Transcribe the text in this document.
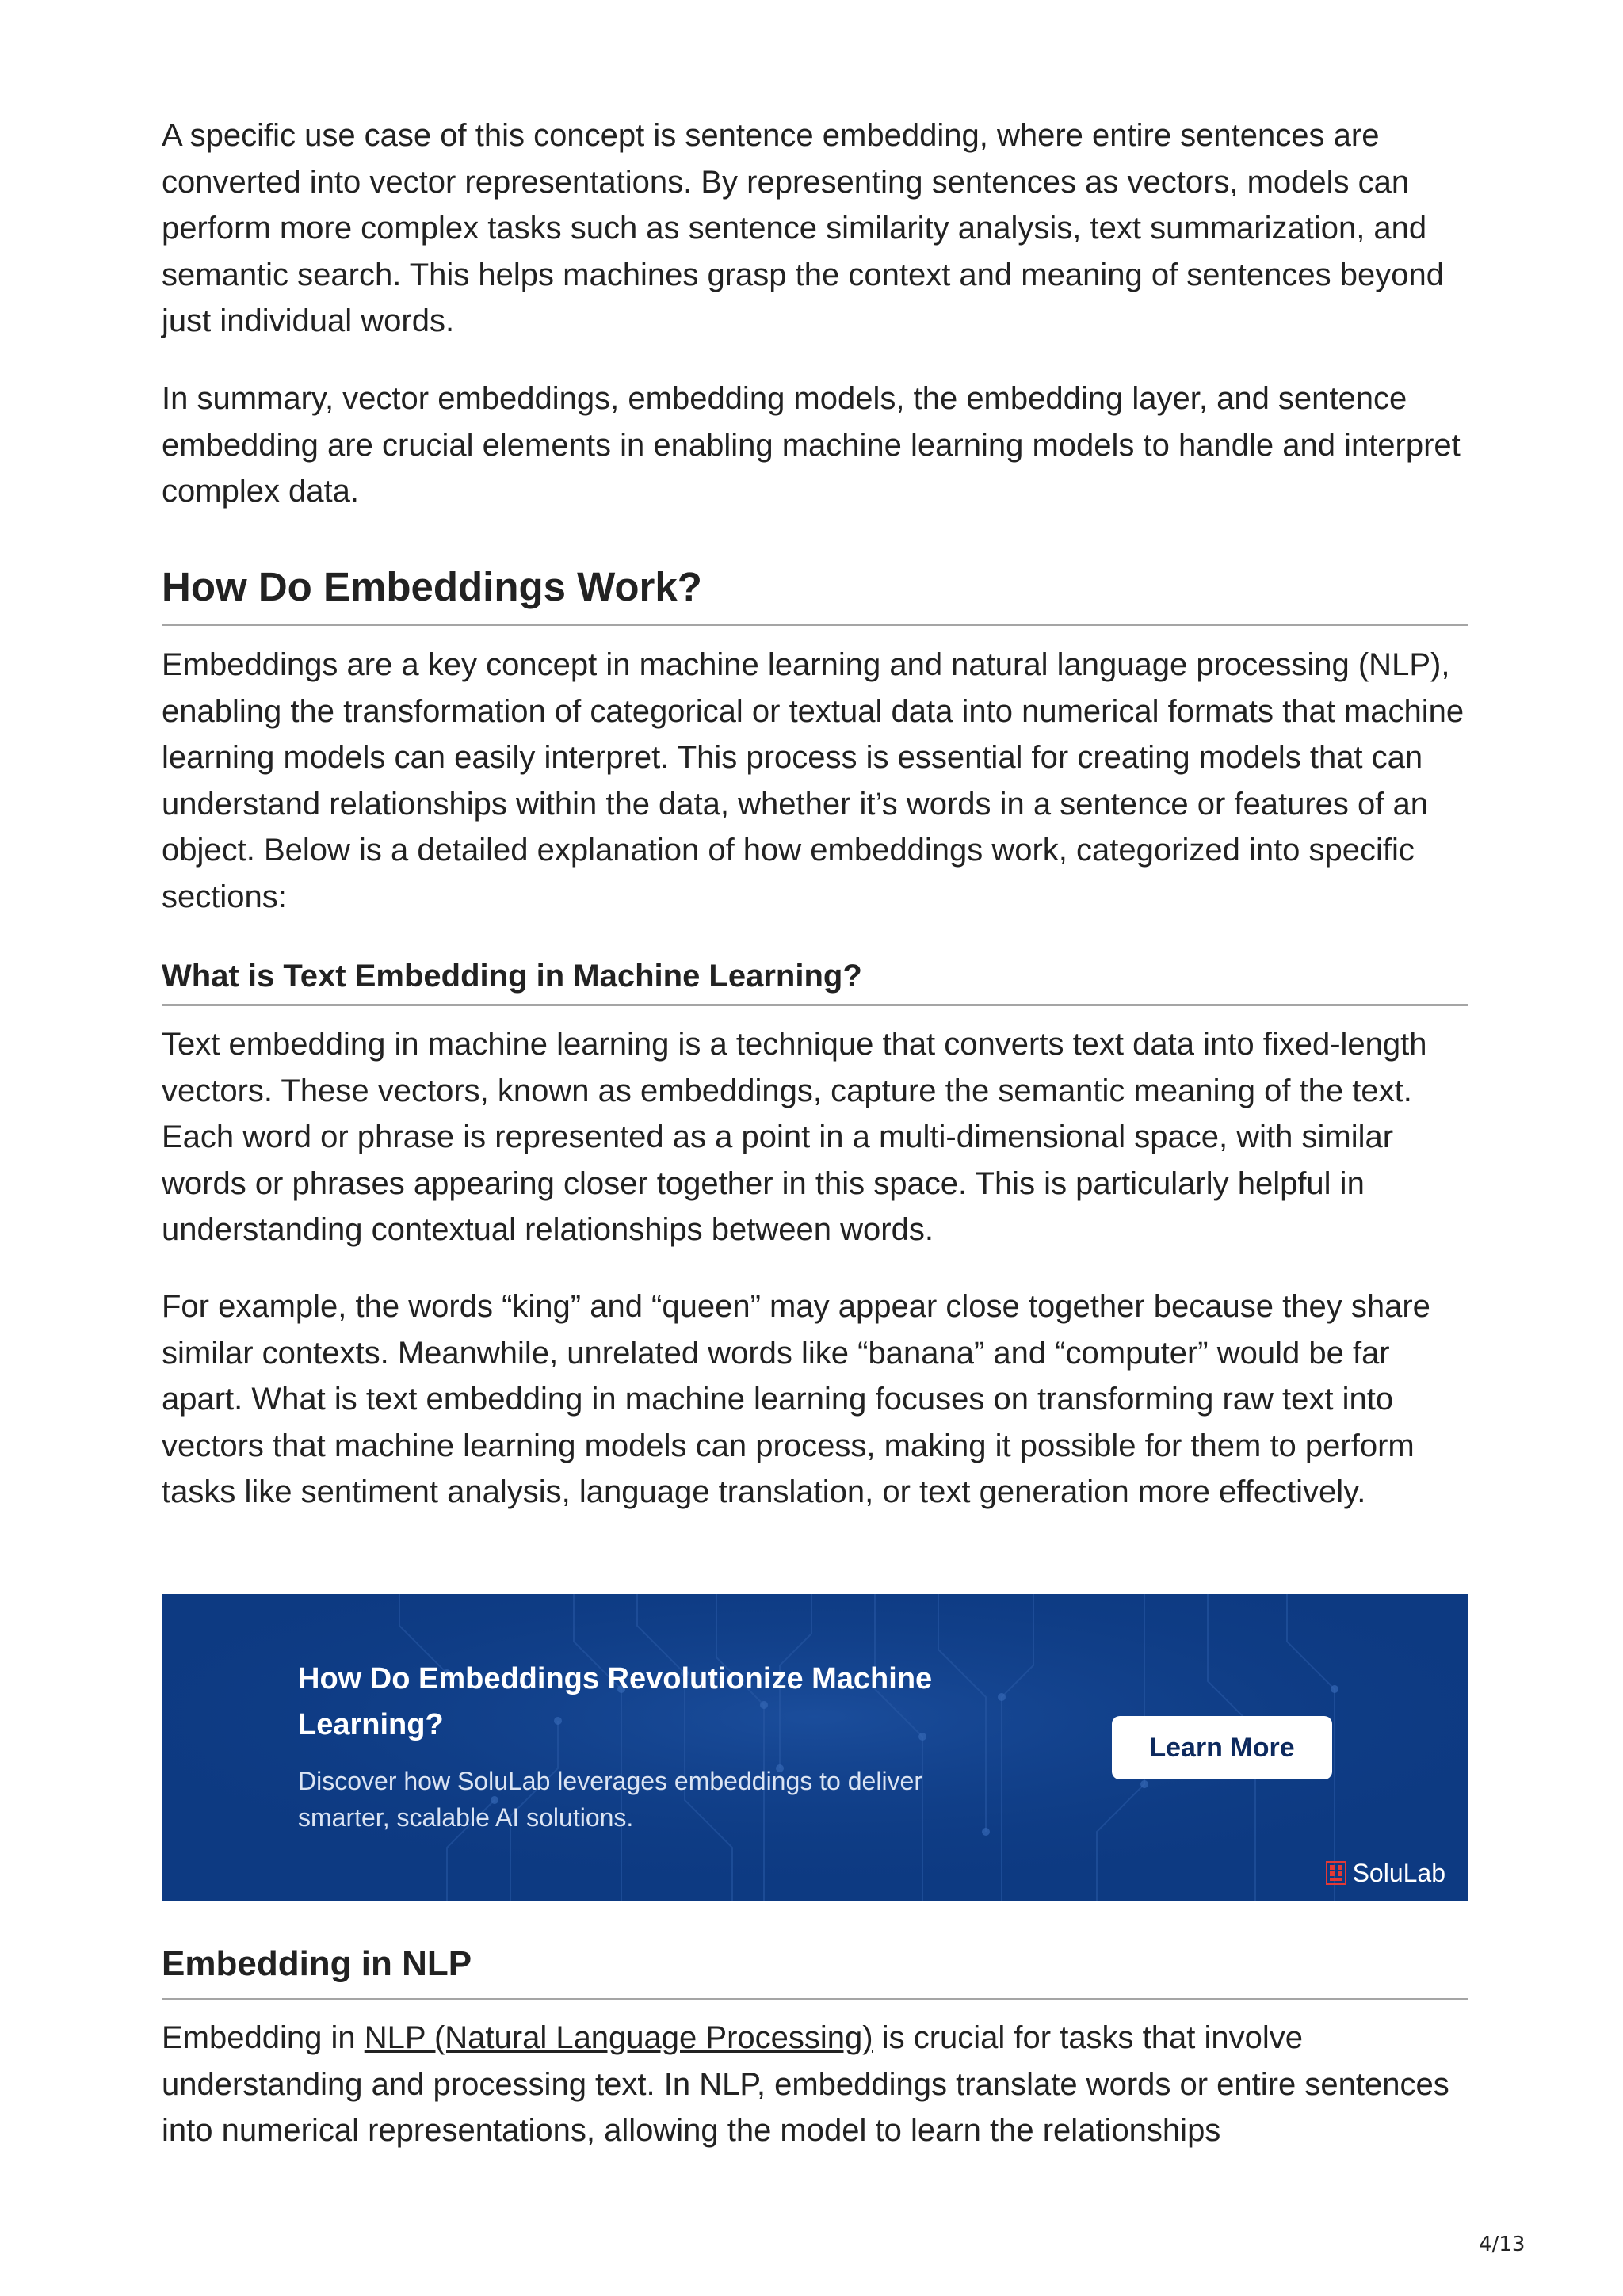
A specific use case of this concept is sentence embedding, where entire sentences are converted into vector representations. By representing sentences as vectors, models can perform more complex tasks such as sentence similarity analysis, text summarization, and semantic search. This helps machines grasp the context and meaning of sentences beyond just individual words.

In summary, vector embeddings, embedding models, the embedding layer, and sentence embedding are crucial elements in enabling machine learning models to handle and interpret complex data.

How Do Embeddings Work?

Embeddings are a key concept in machine learning and natural language processing (NLP), enabling the transformation of categorical or textual data into numerical formats that machine learning models can easily interpret. This process is essential for creating models that can understand relationships within the data, whether it’s words in a sentence or features of an object. Below is a detailed explanation of how embeddings work, categorized into specific sections:

What is Text Embedding in Machine Learning?

Text embedding in machine learning is a technique that converts text data into fixed-length vectors. These vectors, known as embeddings, capture the semantic meaning of the text. Each word or phrase is represented as a point in a multi-dimensional space, with similar words or phrases appearing closer together in this space. This is particularly helpful in understanding contextual relationships between words.

For example, the words “king” and “queen” may appear close together because they share similar contexts. Meanwhile, unrelated words like “banana” and “computer” would be far apart. What is text embedding in machine learning focuses on transforming raw text into vectors that machine learning models can process, making it possible for them to perform tasks like sentiment analysis, language translation, or text generation more effectively.

How Do Embeddings Revolutionize Machine Learning?

Discover how SoluLab leverages embeddings to deliver smarter, scalable AI solutions.

Learn More
SoluLab
Embedding in NLP

Embedding in NLP (Natural Language Processing) is crucial for tasks that involve understanding and processing text. In NLP, embeddings translate words or entire sentences into numerical representations, allowing the model to learn the relationships

4/13
